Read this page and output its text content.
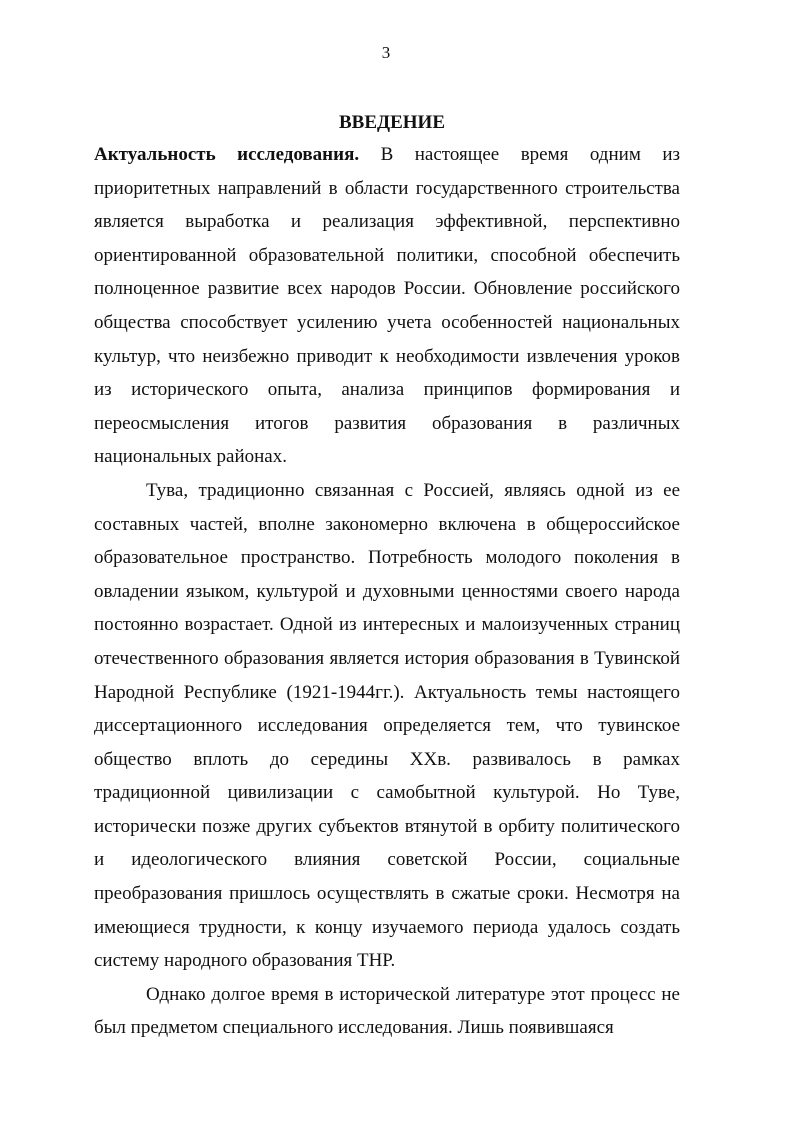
3
ВВЕДЕНИЕ

Актуальность исследования. В настоящее время одним из приоритетных направлений в области государственного строительства является выработка и реализация эффективной, перспективно ориентированной образовательной политики, способной обеспечить полноценное развитие всех народов России. Обновление российского общества способствует усилению учета особенностей национальных культур, что неизбежно приводит к необходимости извлечения уроков из исторического опыта, анализа принципов формирования и переосмысления итогов развития образования в различных национальных районах.

Тува, традиционно связанная с Россией, являясь одной из ее составных частей, вполне закономерно включена в общероссийское образовательное пространство. Потребность молодого поколения в овладении языком, культурой и духовными ценностями своего народа постоянно возрастает. Одной из интересных и малоизученных страниц отечественного образования является история образования в Тувинской Народной Республике (1921-1944гг.). Актуальность темы настоящего диссертационного исследования определяется тем, что тувинское общество вплоть до середины XXв. развивалось в рамках традиционной цивилизации с самобытной культурой. Но Туве, исторически позже других субъектов втянутой в орбиту политического и идеологического влияния советской России, социальные преобразования пришлось осуществлять в сжатые сроки. Несмотря на имеющиеся трудности, к концу изучаемого периода удалось создать систему народного образования ТНР.

Однако долгое время в исторической литературе этот процесс не был предметом специального исследования. Лишь появившаяся
